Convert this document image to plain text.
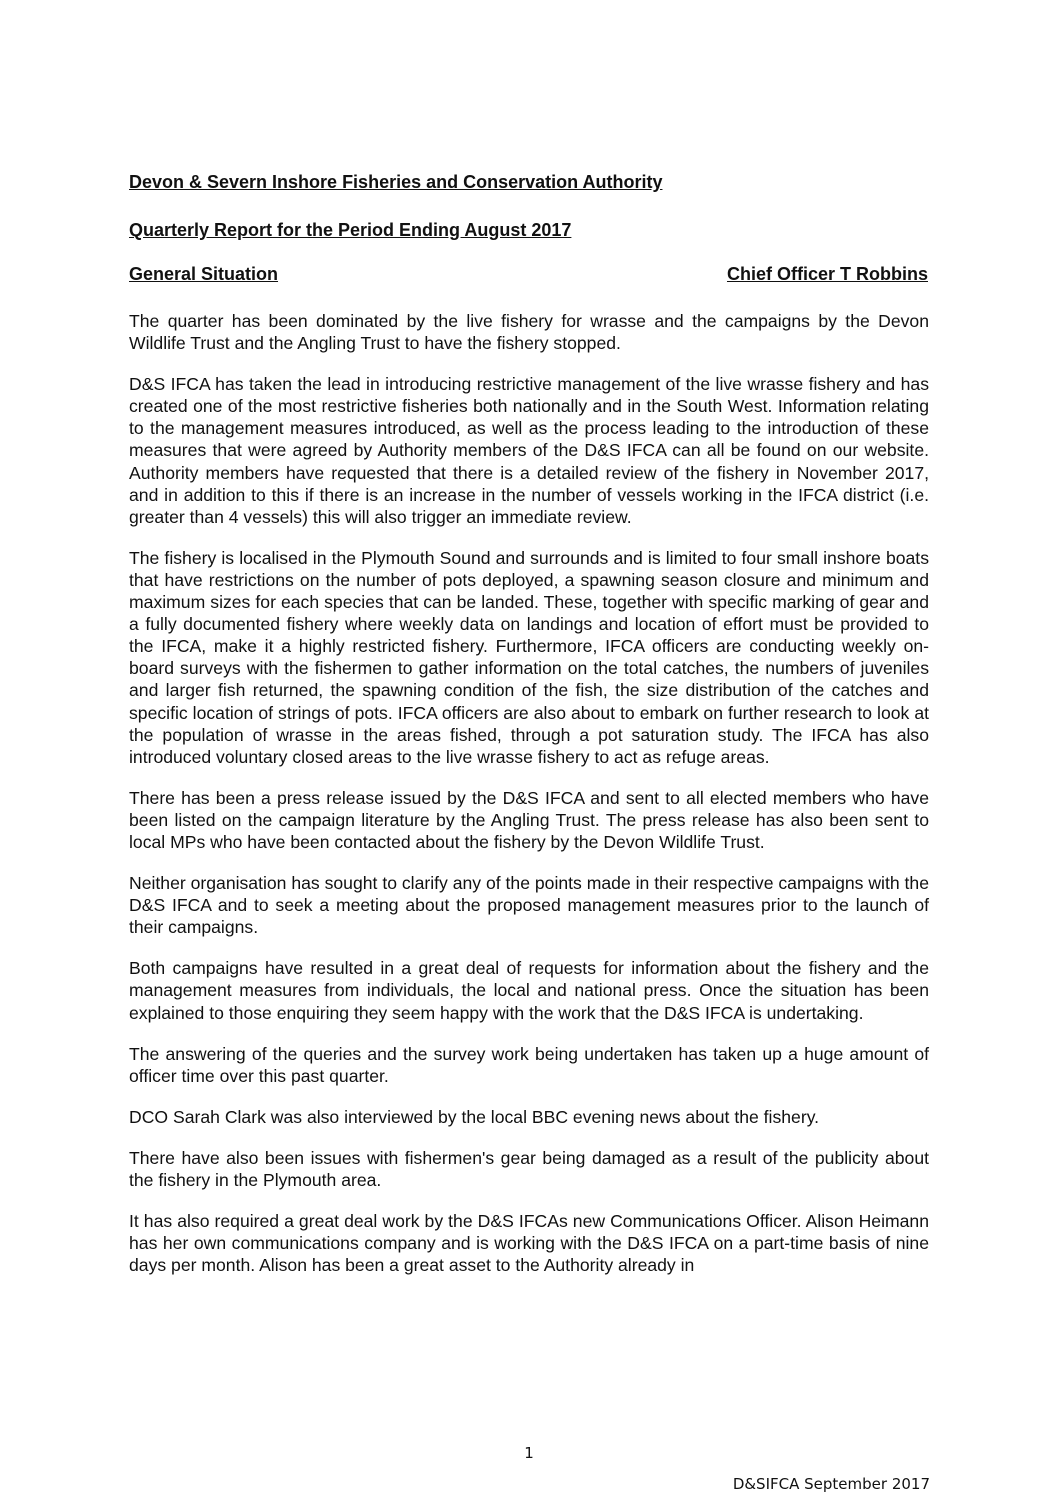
Devon & Severn Inshore Fisheries and Conservation Authority
Quarterly Report for the Period Ending August 2017
General Situation	Chief Officer T Robbins

The quarter has been dominated by the live fishery for wrasse and the campaigns by the Devon Wildlife Trust and the Angling Trust to have the fishery stopped.

D&S IFCA has taken the lead in introducing restrictive management of the live wrasse fishery and has created one of the most restrictive fisheries both nationally and in the South West. Information relating to the management measures introduced, as well as the process leading to the introduction of these measures that were agreed by Authority members of the D&S IFCA can all be found on our website. Authority members have requested that there is a detailed review of the fishery in November 2017, and in addition to this if there is an increase in the number of vessels working in the IFCA district (i.e. greater than 4 vessels) this will also trigger an immediate review.

The fishery is localised in the Plymouth Sound and surrounds and is limited to four small inshore boats that have restrictions on the number of pots deployed, a spawning season closure and minimum and maximum sizes for each species that can be landed. These, together with specific marking of gear and a fully documented fishery where weekly data on landings and location of effort must be provided to the IFCA, make it a highly restricted fishery. Furthermore, IFCA officers are conducting weekly on-board surveys with the fishermen to gather information on the total catches, the numbers of juveniles and larger fish returned, the spawning condition of the fish, the size distribution of the catches and specific location of strings of pots. IFCA officers are also about to embark on further research to look at the population of wrasse in the areas fished, through a pot saturation study. The IFCA has also introduced voluntary closed areas to the live wrasse fishery to act as refuge areas.

There has been a press release issued by the D&S IFCA and sent to all elected members who have been listed on the campaign literature by the Angling Trust. The press release has also been sent to local MPs who have been contacted about the fishery by the Devon Wildlife Trust.

Neither organisation has sought to clarify any of the points made in their respective campaigns with the D&S IFCA and to seek a meeting about the proposed management measures prior to the launch of their campaigns.

Both campaigns have resulted in a great deal of requests for information about the fishery and the management measures from individuals, the local and national press. Once the situation has been explained to those enquiring they seem happy with the work that the D&S IFCA is undertaking.

The answering of the queries and the survey work being undertaken has taken up a huge amount of officer time over this past quarter.

DCO Sarah Clark was also interviewed by the local BBC evening news about the fishery.

There have also been issues with fishermen's gear being damaged as a result of the publicity about the fishery in the Plymouth area.

It has also required a great deal work by the D&S IFCAs new Communications Officer. Alison Heimann has her own communications company and is working with the D&S IFCA on a part-time basis of nine days per month. Alison has been a great asset to the Authority already in

1
D&SIFCA September 2017
